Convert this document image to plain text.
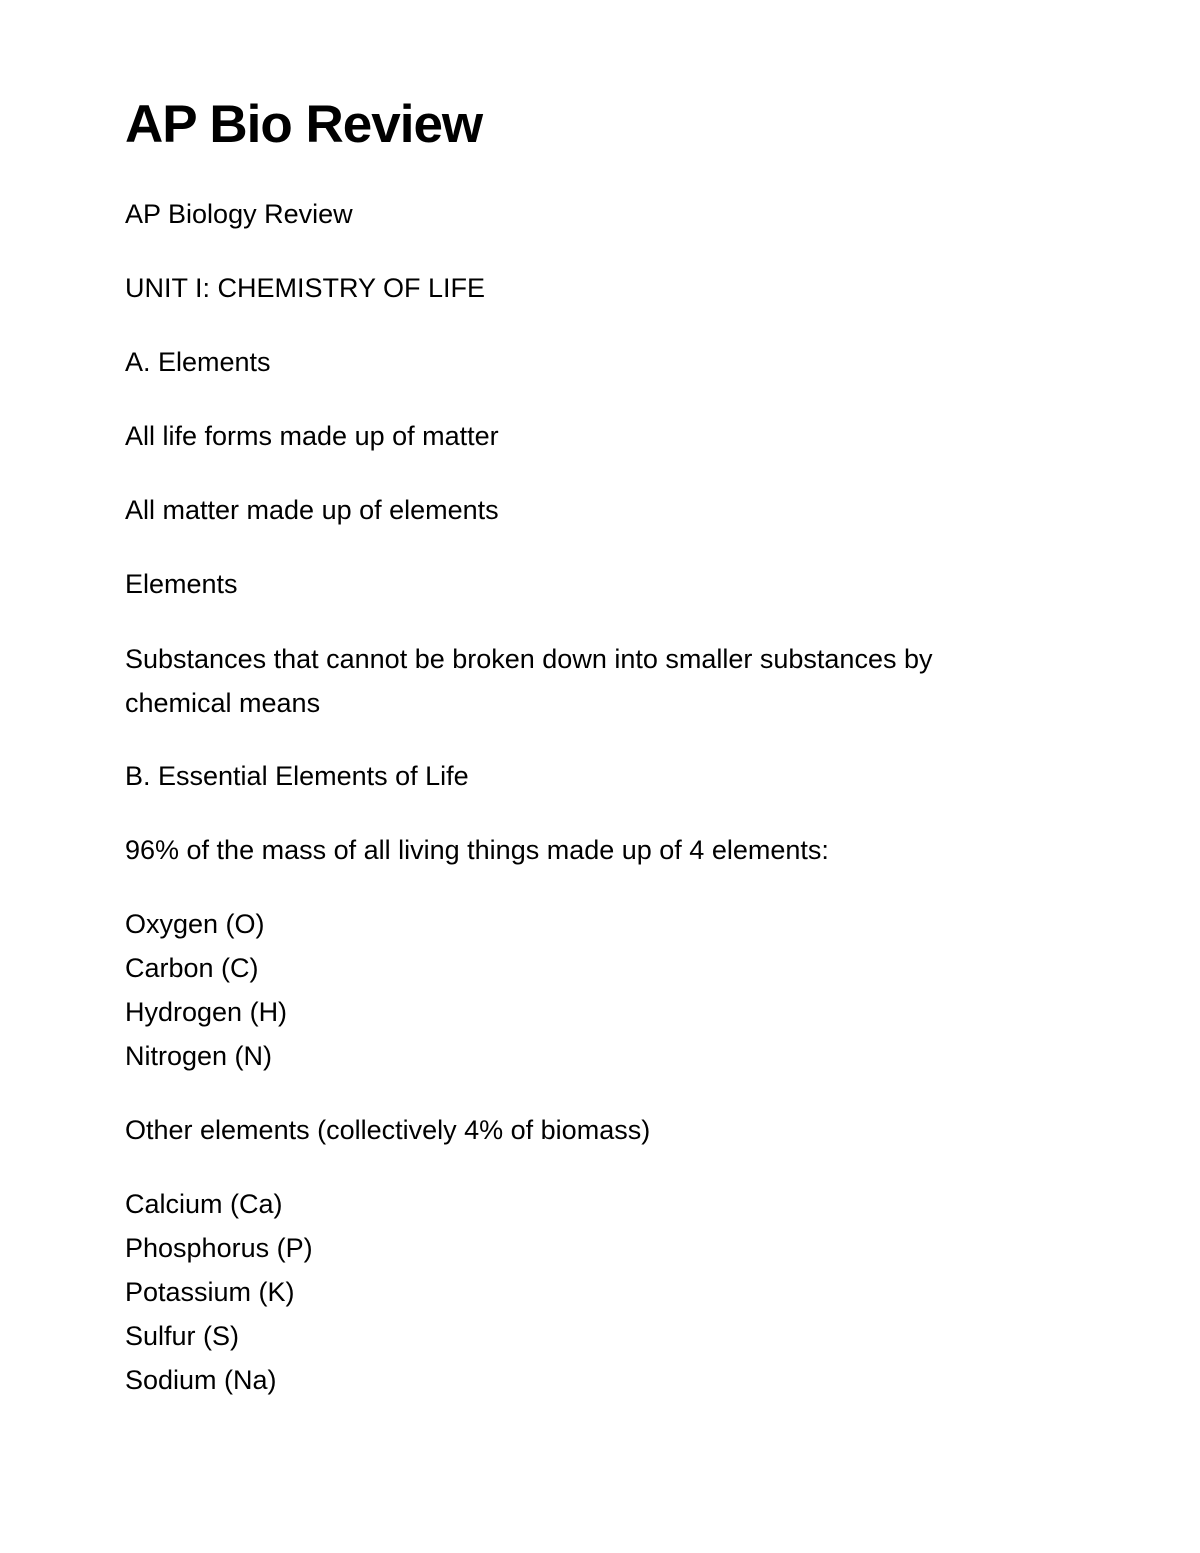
AP Bio Review

AP Biology Review

UNIT I: CHEMISTRY OF LIFE

A. Elements

All life forms made up of matter

All matter made up of elements

Elements

Substances that cannot be broken down into smaller substances by chemical means

B. Essential Elements of Life

96% of the mass of all living things made up of 4 elements:

Oxygen (O)
Carbon (C)
Hydrogen (H)
Nitrogen (N)

Other elements (collectively 4% of biomass)

Calcium (Ca)
Phosphorus (P)
Potassium (K)
Sulfur (S)
Sodium (Na)
